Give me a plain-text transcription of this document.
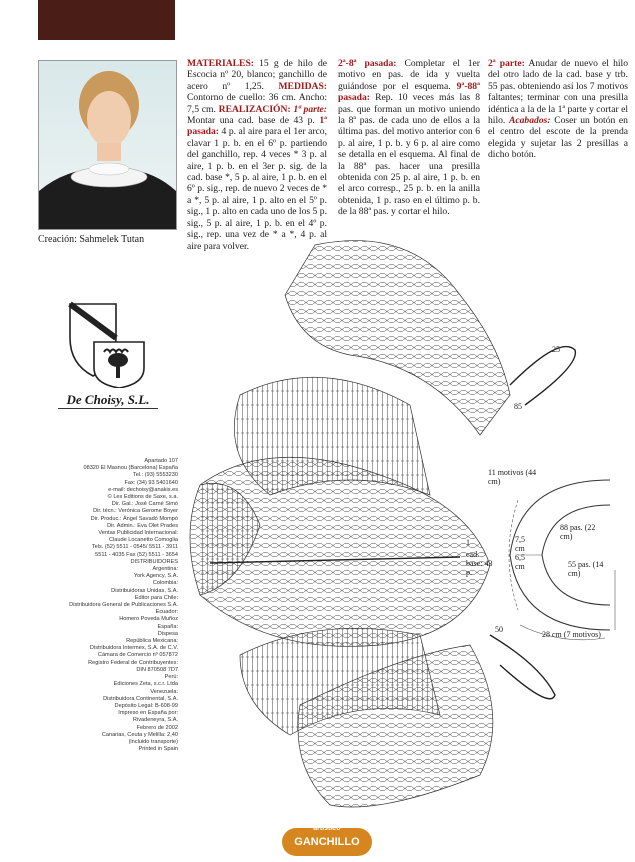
Creación: Sahmelek Tutan
MATERIALES: 15 g de hilo de Escocia nº 20, blanco; ganchillo de acero nº 1,25. MEDIDAS: Contorno de cuello: 36 cm. Ancho: 7,5 cm. REALIZACIÓN: 1ª parte: Montar una cad. base de 43 p. 1ª pasada: 4 p. al aire para el 1er arco, clavar 1 p. b. en el 6º p. partiendo del ganchillo, rep. 4 veces * 3 p. al aire, 1 p. b. en el 3er p. sig. de la cad. base *, 5 p. al aire, 1 p. b. en el 6º p. sig., rep. de nuevo 2 veces de * a *, 5 p. al aire, 1 p. alto en el 5º p. sig., 1 p. alto en cada uno de los 5 p. sig., 5 p. al aire, 1 p. b. en el 4º p. sig., rep. una vez de * a *, 4 p. al aire para volver.
2ª-8ª pasada: Completar el 1er motivo en pas. de ida y vuelta guiándose por el esquema. 9ª-88ª pasada: Rep. 10 veces más las 8 pas. que forman un motivo uniendo la 8ª pas. de cada uno de ellos a la última pas. del motivo anterior con 6 p. al aire, 1 p. b. y 6 p. al aire como se detalla en el esquema. Al final de la 88ª pas. hacer una presilla obtenida con 25 p. al aire, 1 p. b. en el arco corresp., 25 p. b. en la anilla obtenida, 1 p. raso en el último p. b. de la 88ª pas. y cortar el hilo.
2ª parte: Anudar de nuevo el hilo del otro lado de la cad. base y trb. 55 pas. obteniendo así los 7 motivos faltantes; terminar con una presilla idéntica a la de la 1ª parte y cortar el hilo. Acabados: Coser un botón en el centro del escote de la prenda elegida y sujetar las 2 presillas a dicho botón.
De Choisy, S.L.
Apartado 107
08320 El Masnou (Barcelona) España
Tel.: (93) 5553230
Fax: (34) 93 5401640
e-mail: dechoisy@anakis.es
© Les Editions de Saxe, s.a.
Dir. Gal.: José Carné Simó
Dir. técn.: Verónica Gerome Boyer
Dir. Produc.: Ángel Savadó Mompó
Dir. Admin.: Eva Olet Prades
Ventas Publicidad Internacional:
Claude Locanetto Comoglia
Tels. (52) 5511 - 0545/ 5511 - 3911
5511 - 4035 Fax (52) 5511 - 3654
DISTRIBUIDORES
Argentina:
York Agency, S.A.
Colombia:
Distribuidoras Unidas, S.A.
Editor para Chile:
Distribuidora General de Publicaciones S.A.
Ecuador:
Homero Poveda Muñoz
España:
Dispesa
República Mexicana:
Distribuidora Intermex, S.A. de C.V.
Cámara de Comercio nº 057872
Registro Federal de Contribuyentes:
DIN 870508 7D7
Perú:
Ediciones Zeta, s.c.r. Ltda
Venezuela:
Distribuidora Continental, S.A.
Depósito Legal: B-608-99
Impreso en España por:
Rivadeneyra, S.A.
Febrero de 2002
Canarias, Ceuta y Melilla: 2,40
(incluido transporte)
Printed in Spain
25
85
50
1
cad. base: 43 p.
11 motivos (44 cm)
88 pas. (22 cm)
7,5 cm
6,5 cm	55 pas. (14 cm)
28 cm (7 motivos)
artístico
GANCHILLO
